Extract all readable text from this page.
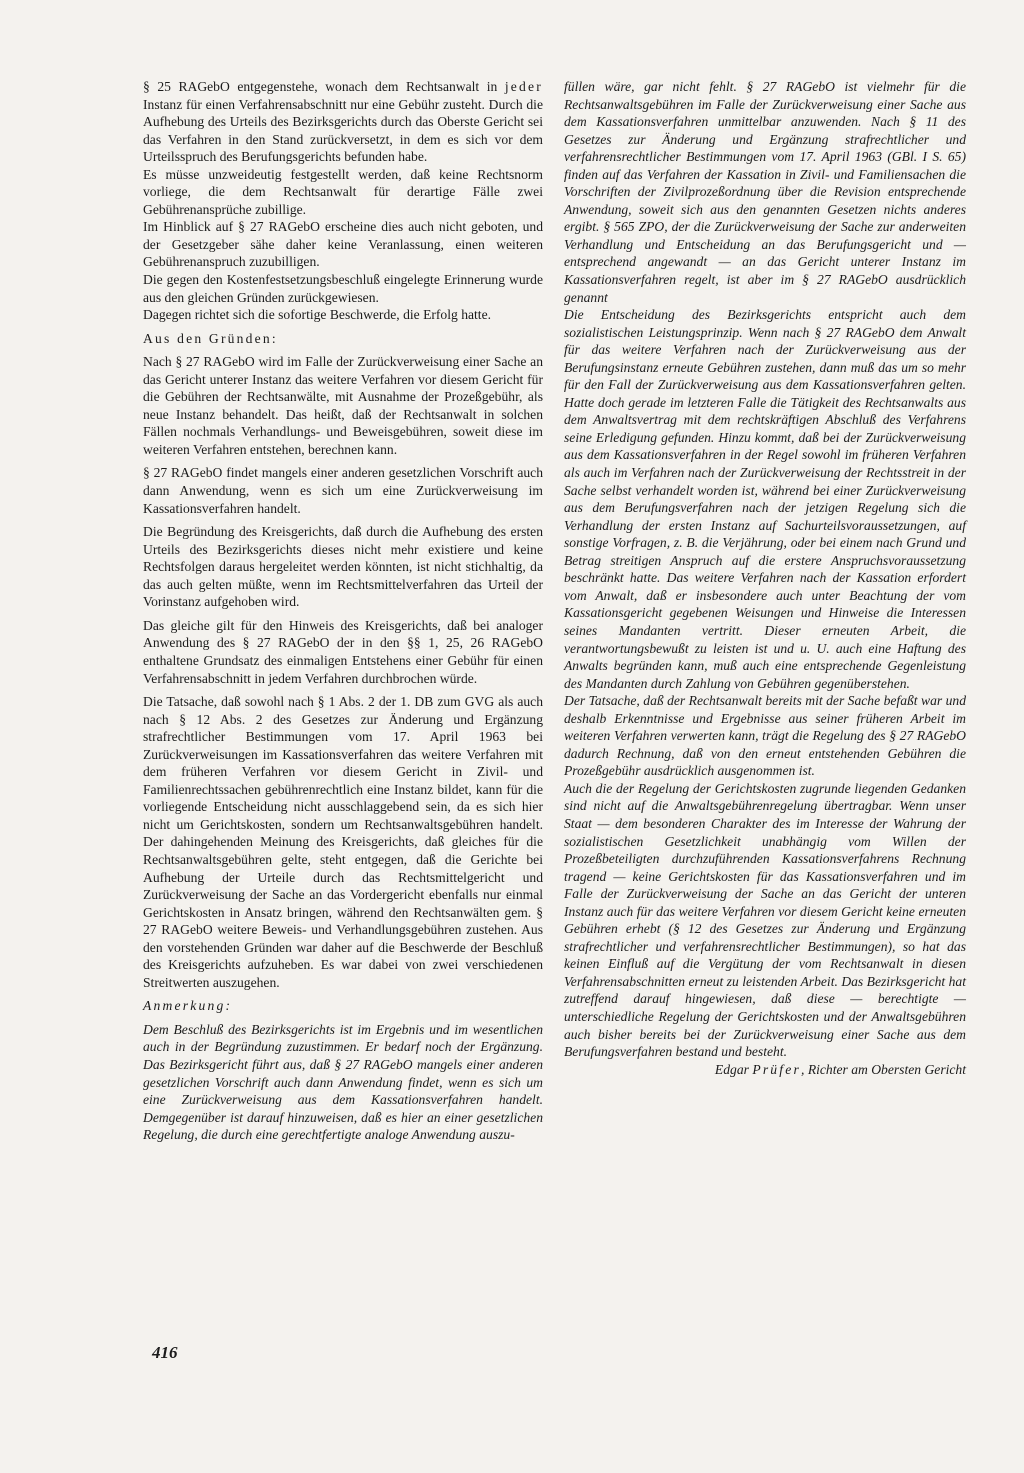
§ 25 RAGebO entgegenstehe, wonach dem Rechtsanwalt in jeder Instanz für einen Verfahrensabschnitt nur eine Gebühr zusteht. Durch die Aufhebung des Urteils des Bezirksgerichts durch das Oberste Gericht sei das Verfahren in den Stand zurückversetzt, in dem es sich vor dem Urteilsspruch des Berufungsgerichts befunden habe.

Es müsse unzweideutig festgestellt werden, daß keine Rechtsnorm vorliege, die dem Rechtsanwalt für derartige Fälle zwei Gebührenansprüche zubillige.

Im Hinblick auf § 27 RAGebO erscheine dies auch nicht geboten, und der Gesetzgeber sähe daher keine Veranlassung, einen weiteren Gebührenanspruch zuzubilligen.

Die gegen den Kostenfestsetzungsbeschluß eingelegte Erinnerung wurde aus den gleichen Gründen zurückgewiesen.

Dagegen richtet sich die sofortige Beschwerde, die Erfolg hatte.

Aus den Gründen:

Nach § 27 RAGebO wird im Falle der Zurückverweisung einer Sache an das Gericht unterer Instanz das weitere Verfahren vor diesem Gericht für die Gebühren der Rechtsanwälte, mit Ausnahme der Prozeßgebühr, als neue Instanz behandelt. Das heißt, daß der Rechtsanwalt in solchen Fällen nochmals Verhandlungs- und Beweisgebühren, soweit diese im weiteren Verfahren entstehen, berechnen kann.

§ 27 RAGebO findet mangels einer anderen gesetzlichen Vorschrift auch dann Anwendung, wenn es sich um eine Zurückverweisung im Kassationsverfahren handelt.

Die Begründung des Kreisgerichts, daß durch die Aufhebung des ersten Urteils des Bezirksgerichts dieses nicht mehr existiere und keine Rechtsfolgen daraus hergeleitet werden könnten, ist nicht stichhaltig, da das auch gelten müßte, wenn im Rechtsmittelverfahren das Urteil der Vorinstanz aufgehoben wird.

Das gleiche gilt für den Hinweis des Kreisgerichts, daß bei analoger Anwendung des § 27 RAGebO der in den §§ 1, 25, 26 RAGebO enthaltene Grundsatz des einmaligen Entstehens einer Gebühr für einen Verfahrensabschnitt in jedem Verfahren durchbrochen würde.

Die Tatsache, daß sowohl nach § 1 Abs. 2 der 1. DB zum GVG als auch nach § 12 Abs. 2 des Gesetzes zur Änderung und Ergänzung strafrechtlicher Bestimmungen vom 17. April 1963 bei Zurückverweisungen im Kassationsverfahren das weitere Verfahren mit dem früheren Verfahren vor diesem Gericht in Zivil- und Familienrechtssachen gebührenrechtlich eine Instanz bildet, kann für die vorliegende Entscheidung nicht ausschlaggebend sein, da es sich hier nicht um Gerichtskosten, sondern um Rechtsanwaltsgebühren handelt. Der dahingehenden Meinung des Kreisgerichts, daß gleiches für die Rechtsanwaltsgebühren gelte, steht entgegen, daß die Gerichte bei Aufhebung der Urteile durch das Rechtsmittelgericht und Zurückverweisung der Sache an das Vordergericht ebenfalls nur einmal Gerichtskosten in Ansatz bringen, während den Rechtsanwälten gem. § 27 RAGebO weitere Beweis- und Verhandlungsgebühren zustehen. Aus den vorstehenden Gründen war daher auf die Beschwerde der Beschluß des Kreisgerichts aufzuheben. Es war dabei von zwei verschiedenen Streitwerten auszugehen.

Anmerkung:

Dem Beschluß des Bezirksgerichts ist im Ergebnis und im wesentlichen auch in der Begründung zuzustimmen. Er bedarf noch der Ergänzung. Das Bezirksgericht führt aus, daß § 27 RAGebO mangels einer anderen gesetzlichen Vorschrift auch dann Anwendung findet, wenn es sich um eine Zurückverweisung aus dem Kassationsverfahren handelt. Demgegenüber ist darauf hinzuweisen, daß es hier an einer gesetzlichen Regelung, die durch eine gerechtfertigte analoge Anwendung auszu-

füllen wäre, gar nicht fehlt. § 27 RAGebO ist vielmehr für die Rechtsanwaltsgebühren im Falle der Zurückverweisung einer Sache aus dem Kassationsverfahren unmittelbar anzuwenden. Nach § 11 des Gesetzes zur Änderung und Ergänzung strafrechtlicher und verfahrensrechtlicher Bestimmungen vom 17. April 1963 (GBl. I S. 65) finden auf das Verfahren der Kassation in Zivil- und Familiensachen die Vorschriften der Zivilprozeßordnung über die Revision entsprechende Anwendung, soweit sich aus den genannten Gesetzen nichts anderes ergibt. § 565 ZPO, der die Zurückverweisung der Sache zur anderweiten Verhandlung und Entscheidung an das Berufungsgericht und — entsprechend angewandt — an das Gericht unterer Instanz im Kassationsverfahren regelt, ist aber im § 27 RAGebO ausdrücklich genannt

Die Entscheidung des Bezirksgerichts entspricht auch dem sozialistischen Leistungsprinzip. Wenn nach § 27 RAGebO dem Anwalt für das weitere Verfahren nach der Zurückverweisung aus der Berufungsinstanz erneute Gebühren zustehen, dann muß das um so mehr für den Fall der Zurückverweisung aus dem Kassationsverfahren gelten. Hatte doch gerade im letzteren Falle die Tätigkeit des Rechtsanwalts aus dem Anwaltsvertrag mit dem rechtskräftigen Abschluß des Verfahrens seine Erledigung gefunden. Hinzu kommt, daß bei der Zurückverweisung aus dem Kassationsverfahren in der Regel sowohl im früheren Verfahren als auch im Verfahren nach der Zurückverweisung der Rechtsstreit in der Sache selbst verhandelt worden ist, während bei einer Zurückverweisung aus dem Berufungsverfahren nach der jetzigen Regelung sich die Verhandlung der ersten Instanz auf Sachurteilsvoraussetzungen, auf sonstige Vorfragen, z. B. die Verjährung, oder bei einem nach Grund und Betrag streitigen Anspruch auf die erstere Anspruchsvoraussetzung beschränkt hatte. Das weitere Verfahren nach der Kassation erfordert vom Anwalt, daß er insbesondere auch unter Beachtung der vom Kassationsgericht gegebenen Weisungen und Hinweise die Interessen seines Mandanten vertritt. Dieser erneuten Arbeit, die verantwortungsbewußt zu leisten ist und u. U. auch eine Haftung des Anwalts begründen kann, muß auch eine entsprechende Gegenleistung des Mandanten durch Zahlung von Gebühren gegenüberstehen.

Der Tatsache, daß der Rechtsanwalt bereits mit der Sache befaßt war und deshalb Erkenntnisse und Ergebnisse aus seiner früheren Arbeit im weiteren Verfahren verwerten kann, trägt die Regelung des § 27 RAGebO dadurch Rechnung, daß von den erneut entstehenden Gebühren die Prozeßgebühr ausdrücklich ausgenommen ist.

Auch die der Regelung der Gerichtskosten zugrunde liegenden Gedanken sind nicht auf die Anwaltsgebührenregelung übertragbar. Wenn unser Staat — dem besonderen Charakter des im Interesse der Wahrung der sozialistischen Gesetzlichkeit unabhängig vom Willen der Prozeßbeteiligten durchzuführenden Kassationsverfahrens Rechnung tragend — keine Gerichtskosten für das Kassationsverfahren und im Falle der Zurückverweisung der Sache an das Gericht der unteren Instanz auch für das weitere Verfahren vor diesem Gericht keine erneuten Gebühren erhebt (§ 12 des Gesetzes zur Änderung und Ergänzung strafrechtlicher und verfahrensrechtlicher Bestimmungen), so hat das keinen Einfluß auf die Vergütung der vom Rechtsanwalt in diesen Verfahrensabschnitten erneut zu leistenden Arbeit. Das Bezirksgericht hat zutreffend darauf hingewiesen, daß diese — berechtigte — unterschiedliche Regelung der Gerichtskosten und der Anwaltsgebühren auch bisher bereits bei der Zurückverweisung einer Sache aus dem Berufungsverfahren bestand und besteht.

Edgar Prüfer, Richter am Obersten Gericht

416
